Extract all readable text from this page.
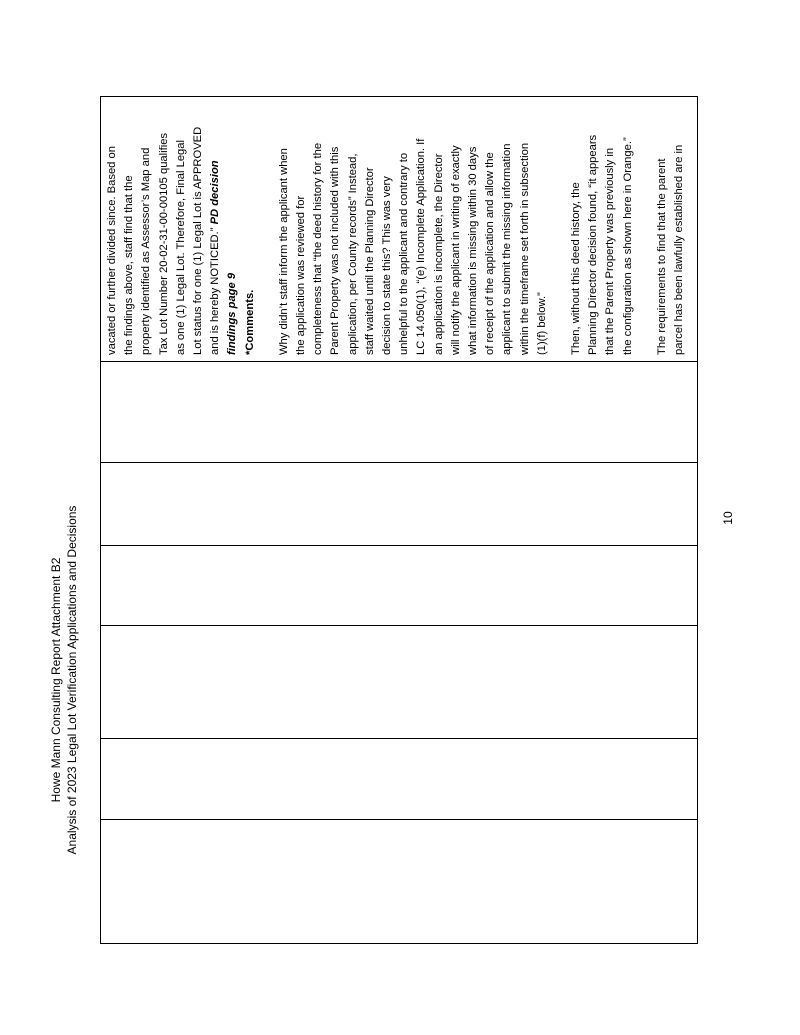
Howe Mann Consulting Report Attachment B2 Analysis of 2023 Legal Lot Verification Applications and Decisions
vacated or further divided since. Based on the findings above, staff find that the property identified as Assessor’s Map and Tax Lot Number 20-02-31-00-00105 qualifies as one (1) Legal Lot. Therefore, Final Legal Lot status for one (1) Legal Lot is APPROVED and is hereby NOTICED.” PD decision
findings page 9 *Comments. Why didn’t staff inform the applicant when the application was reviewed for completeness that “the deed history for the Parent Property was not included with this application, per County records” Instead, staff waited until the Planning Director decision to state this? This was very unhelpful to the applicant and contrary to LC 14.050(1), “(e) Incomplete Application. If an application is incomplete, the Director will notify the applicant in writing of exactly what information is missing within 30 days of receipt of the application and allow the applicant to submit the missing information within the timeframe set forth in subsection (1)(f) below.” Then, without this deed history, the Planning Director decision found, “it appears that the Parent Property was previously in the configuration as shown here in Orange.” The requirements to find that the parent parcel has been lawfully established are in
10
